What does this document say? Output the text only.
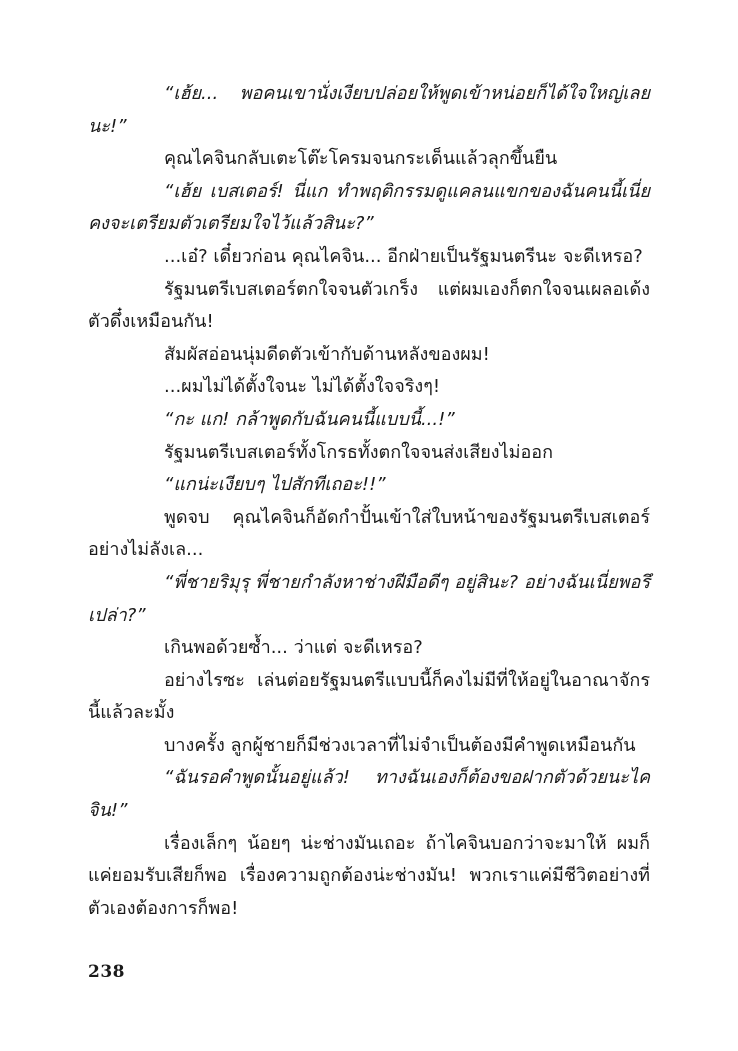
“เฮ้ย... พอคนเขานั่งเงียบปล่อยให้พูดเข้าหน่อยก็ได้ใจใหญ่เลยนะ!”

คุณไคจินกลับเตะโต๊ะโครมจนกระเด็นแล้วลุกขึ้นยืน

“เฮ้ย เบสเตอร์! นี่แก ทำพฤติกรรมดูแคลนแขกของฉันคนนี้เนี่ยคงจะเตรียมตัวเตรียมใจไว้แล้วสินะ?”

...เอ๋? เดี๋ยวก่อน คุณไคจิน... อีกฝ่ายเป็นรัฐมนตรีนะ จะดีเหรอ?

รัฐมนตรีเบสเตอร์ตกใจจนตัวเกร็ง แต่ผมเองก็ตกใจจนเผลอเด้งตัวดึ๋งเหมือนกัน!

สัมผัสอ่อนนุ่มดีดตัวเข้ากับด้านหลังของผม!

...ผมไม่ได้ตั้งใจนะ ไม่ได้ตั้งใจจริงๆ!

“กะ แก! กล้าพูดกับฉันคนนี้แบบนี้...!”

รัฐมนตรีเบสเตอร์ทั้งโกรธทั้งตกใจจนส่งเสียงไม่ออก

“แกน่ะเงียบๆ ไปสักทีเถอะ!!”

พูดจบ คุณไคจินก็อัดกำปั้นเข้าใส่ใบหน้าของรัฐมนตรีเบสเตอร์อย่างไม่ลังเล...

“พี่ชายริมุรุ พี่ชายกำลังหาช่างฝีมือดีๆ อยู่สินะ? อย่างฉันเนี่ยพอรึเปล่า?”

เกินพอด้วยซ้ำ... ว่าแต่ จะดีเหรอ?

อย่างไรซะ เล่นต่อยรัฐมนตรีแบบนี้ก็คงไม่มีที่ให้อยู่ในอาณาจักรนี้แล้วละมั้ง

บางครั้ง ลูกผู้ชายก็มีช่วงเวลาที่ไม่จำเป็นต้องมีคำพูดเหมือนกัน

“ฉันรอคำพูดนั้นอยู่แล้ว! ทางฉันเองก็ต้องขอฝากตัวด้วยนะไคจิน!”

เรื่องเล็กๆ น้อยๆ น่ะช่างมันเถอะ ถ้าไคจินบอกว่าจะมาให้ ผมก็แค่ยอมรับเสียก็พอ เรื่องความถูกต้องน่ะช่างมัน! พวกเราแค่มีชีวิตอย่างที่ตัวเองต้องการก็พอ!

238
